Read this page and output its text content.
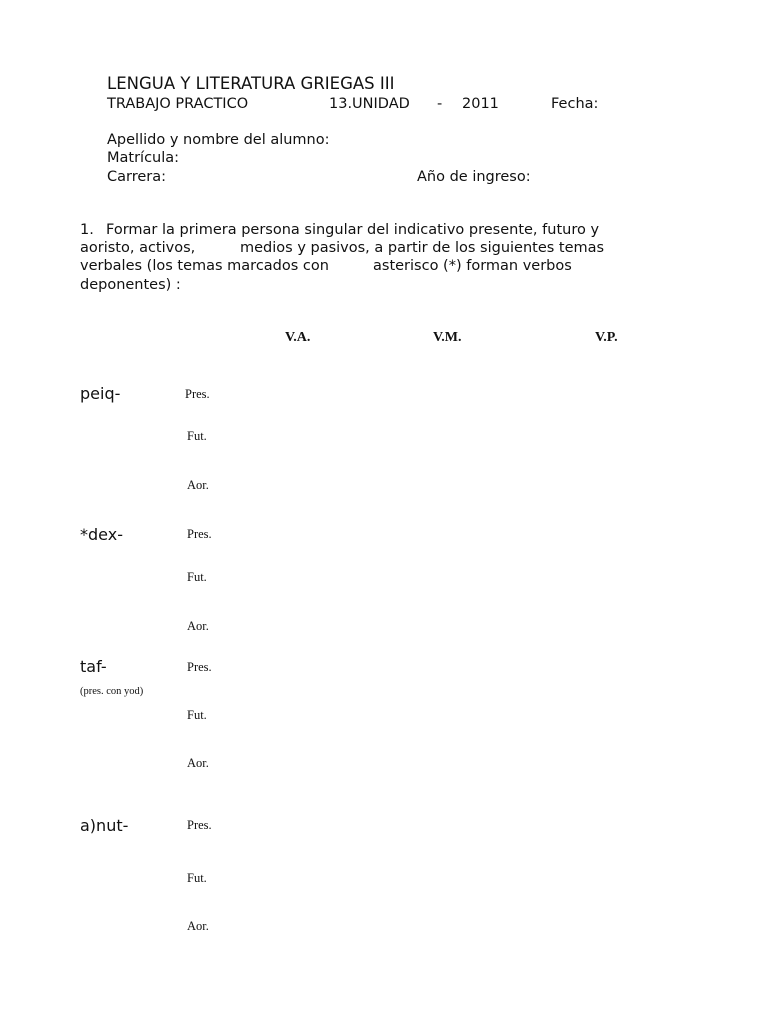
LENGUA Y LITERATURA GRIEGAS III
TRABAJO PRACTICO	13.UNIDAD - 2011	Fecha:
Apellido y nombre del alumno:
Matrícula:
Carrera:	Año de ingreso:
1. Formar la primera persona singular del indicativo presente, futuro y
aoristo, activos,	medios y pasivos, a partir de los siguientes temas
verbales (los temas marcados con	asterisco (*) forman verbos
deponentes) :
V.A.	V.M.	V.P.
peiq-	Pres.
Fut.
Aor.
*dex-	Pres.
Fut.
Aor.
taf-
(pres. con yod)
Pres.
Fut.
Aor.
a)nut-	Pres.
Fut.
Aor.
